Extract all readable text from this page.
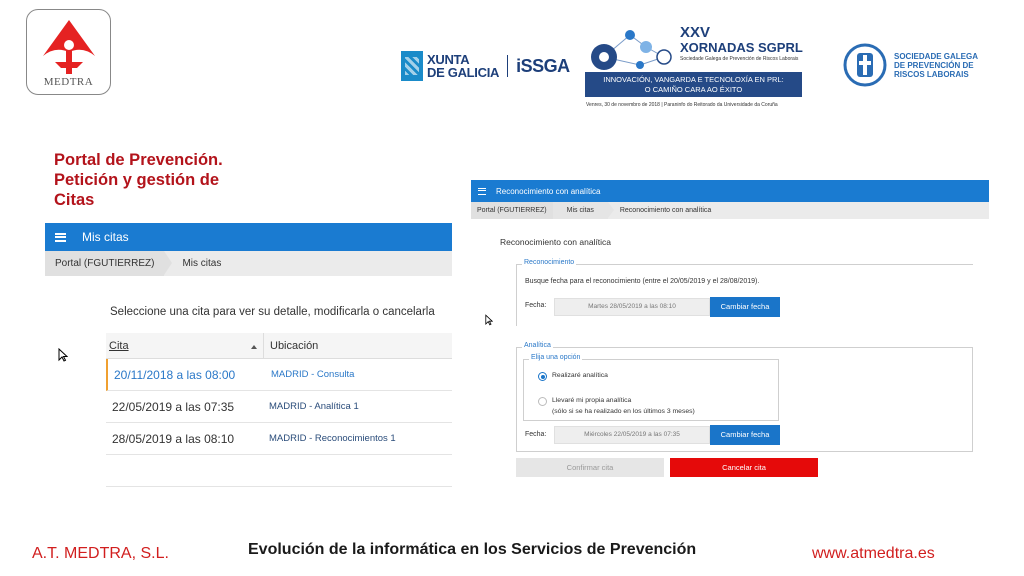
MEDTRA
XUNTA
DE GALICIA iSSGA
XXV
XORNADAS SGPRL
Sociedade Galega de Prevención de Riscos Laborais
INNOVACIÓN, VANGARDA E TECNOLOXÍA EN PRL:
O CAMIÑO CARA AO ÉXITO
Venres, 30 de novembro de 2018 | Paraninfo do Reitorado da Universidade da Coruña
SOCIEDADE GALEGA
DE PREVENCIÓN DE
RISCOS LABORAIS
Portal de Prevención.
Petición y gestión de
Citas
Mis citas
Portal (FGUTIERREZ)	Mis citas
Seleccione una cita para ver su detalle, modificarla o cancelarla
Cita	Ubicación
20/11/2018 a las 08:00	MADRID - Consulta
22/05/2019 a las 07:35	MADRID - Analítica 1
28/05/2019 a las 08:10	MADRID - Reconocimientos 1
Reconocimiento con analítica
Portal (FGUTIERREZ)	Mis citas	Reconocimiento con analítica
Reconocimiento con analítica
Reconocimiento
Busque fecha para el reconocimiento (entre el 20/05/2019 y el 28/08/2019).
Fecha:	Martes 28/05/2019 a las 08:10	Cambiar fecha
Analítica
Elija una opción
Realizaré analítica
Llevaré mi propia analítica
(sólo si se ha realizado en los últimos 3 meses)
Fecha:	Miércoles 22/05/2019 a las 07:35	Cambiar fecha
Confirmar cita	Cancelar cita
A.T. MEDTRA, S.L.	Evolución de la informática en los Servicios de Prevención	www.atmedtra.es
